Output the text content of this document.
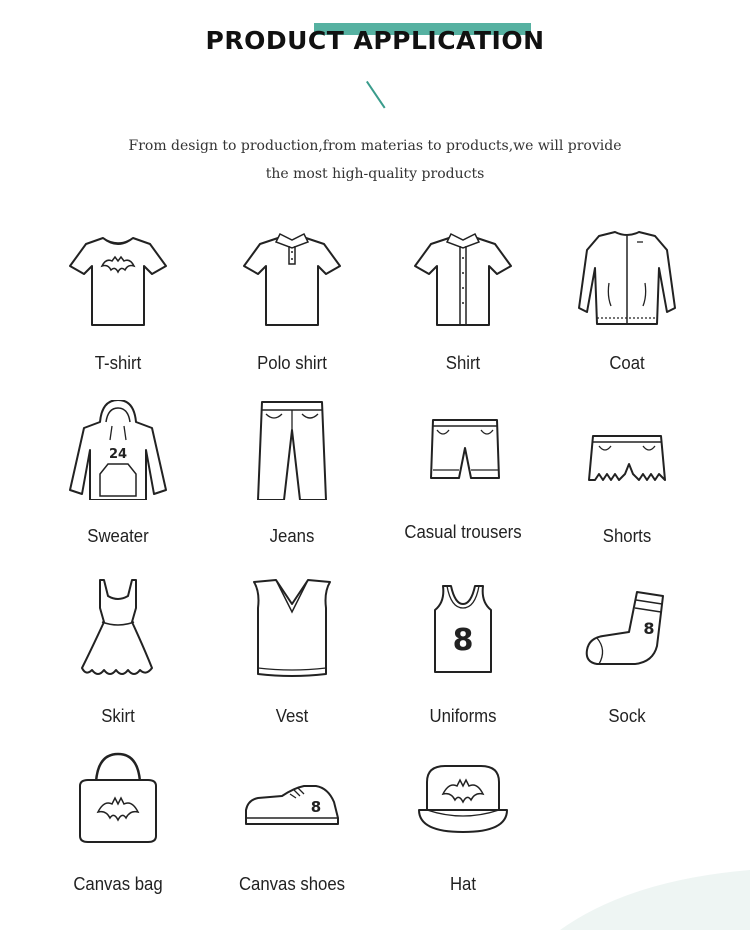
PRODUCT APPLICATION
From design to production,from materias to products,we will provide
the most high-quality products
T-shirt	Polo shirt	Shirt	Coat
24
Sweater	Jeans	Casual trousers	Shorts
Skirt	Vest
8
Uniforms
8
Sock
Canvas bag
8
Canvas shoes	Hat
